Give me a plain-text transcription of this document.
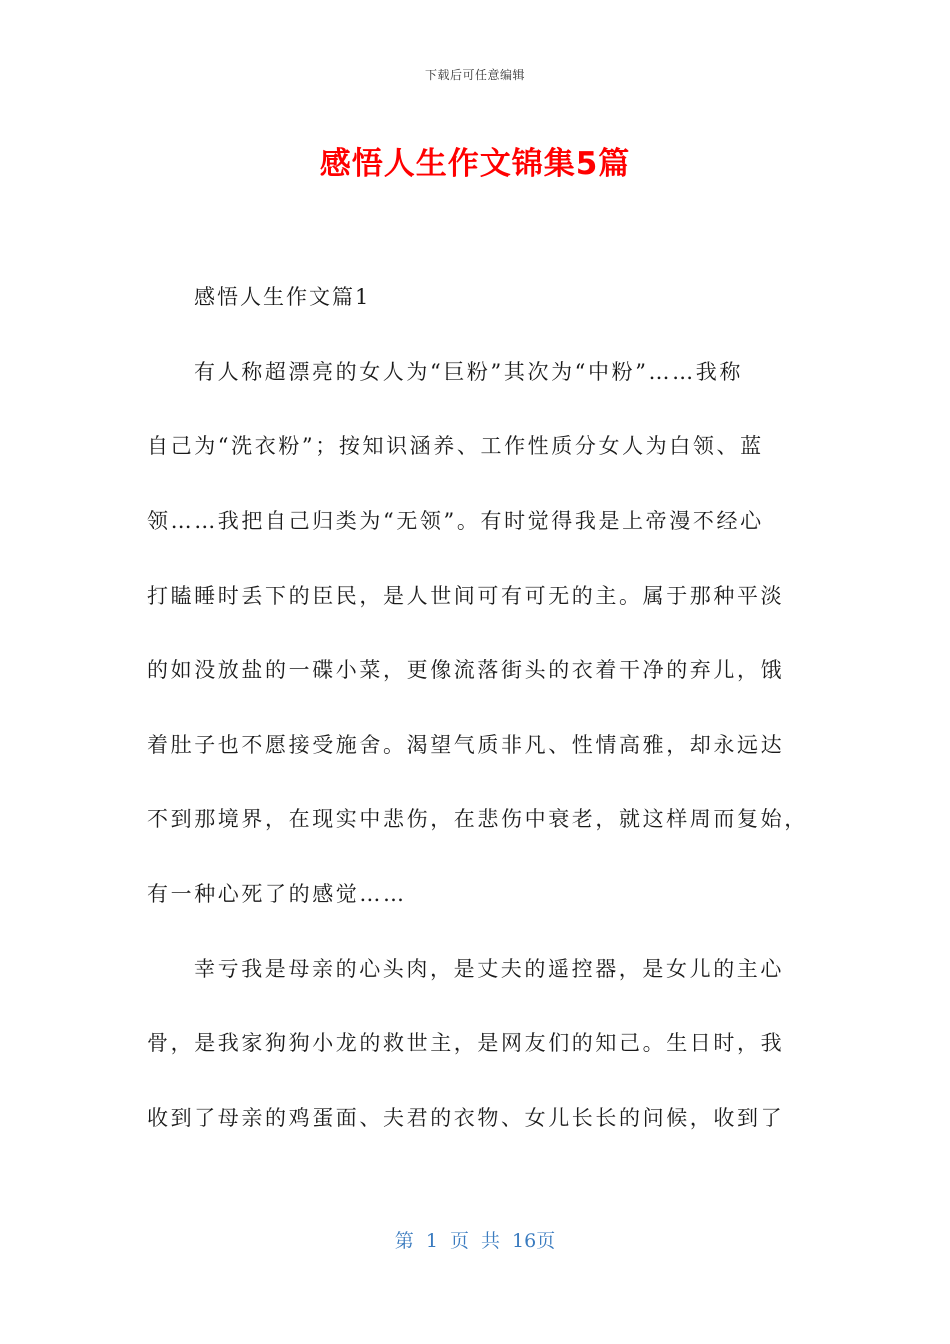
下载后可任意编辑
感悟人生作文锦集5篇
感悟人生作文篇1
有人称超漂亮的女人为“巨粉”其次为“中粉”……我称
自己为“洗衣粉”；按知识涵养、工作性质分女人为白领、蓝
领……我把自己归类为“无领”。有时觉得我是上帝漫不经心
打瞌睡时丢下的臣民，是人世间可有可无的主。属于那种平淡
的如没放盐的一碟小菜，更像流落街头的衣着干净的弃儿，饿
着肚子也不愿接受施舍。渴望气质非凡、性情高雅，却永远达
不到那境界，在现实中悲伤，在悲伤中衰老，就这样周而复始，
有一种心死了的感觉……
幸亏我是母亲的心头肉，是丈夫的遥控器，是女儿的主心
骨，是我家狗狗小龙的救世主，是网友们的知己。生日时，我
收到了母亲的鸡蛋面、夫君的衣物、女儿长长的问候，收到了
第 1 页 共 16页
